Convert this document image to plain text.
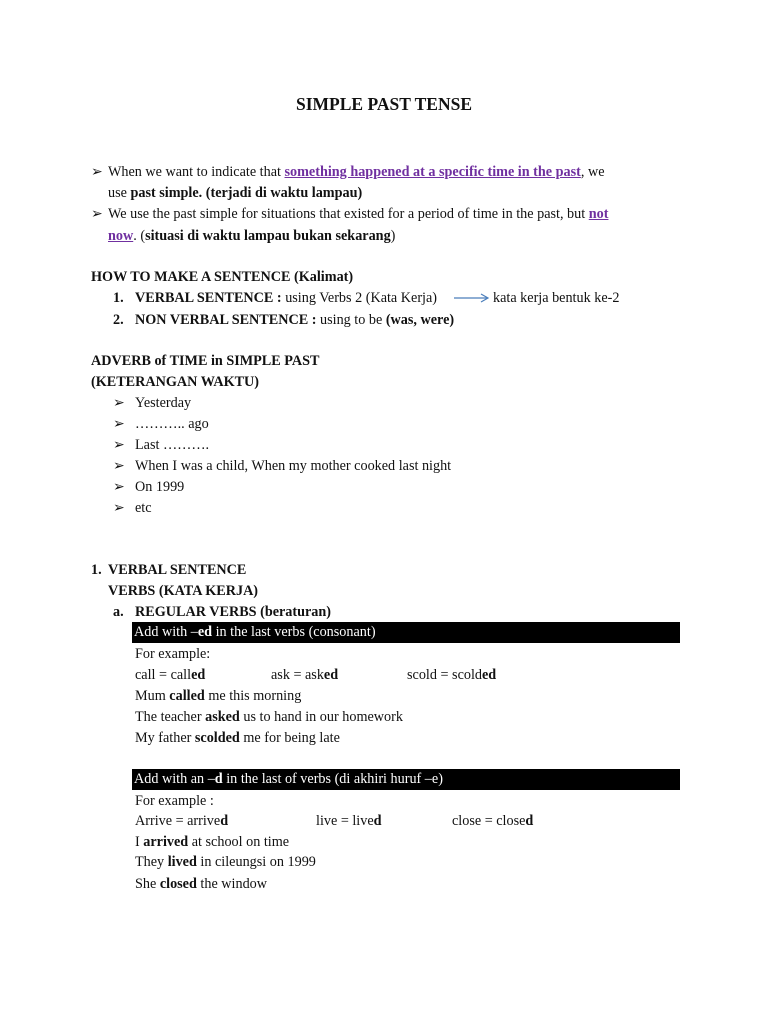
SIMPLE PAST TENSE
➢ When we want to indicate that something happened at a specific time in the past, we
use past simple. (terjadi di waktu lampau)
➢ We use the past simple for situations that existed for a period of time in the past, but not
now. (situasi di waktu lampau bukan sekarang)
HOW TO MAKE A SENTENCE (Kalimat)
1. VERBAL SENTENCE : using Verbs 2 (Kata Kerja)	kata kerja bentuk ke-2
2. NON VERBAL SENTENCE : using to be (was, were)
ADVERB of TIME in SIMPLE PAST
(KETERANGAN WAKTU)
➢ Yesterday
➢ ……….. ago
➢ Last ……….
➢ When I was a child, When my mother cooked last night
➢ On 1999
➢ etc
1. VERBAL SENTENCE
VERBS (KATA KERJA)
a. REGULAR VERBS (beraturan)
Add with –ed in the last verbs (consonant)
For example:
call = called	ask = asked	scold = scolded
Mum called me this morning
The teacher asked us to hand in our homework
My father scolded me for being late
Add with an –d in the last of verbs (di akhiri huruf –e)
For example :
Arrive = arrived	live = lived	close = closed
I arrived at school on time
They lived in cileungsi on 1999
She closed the window
